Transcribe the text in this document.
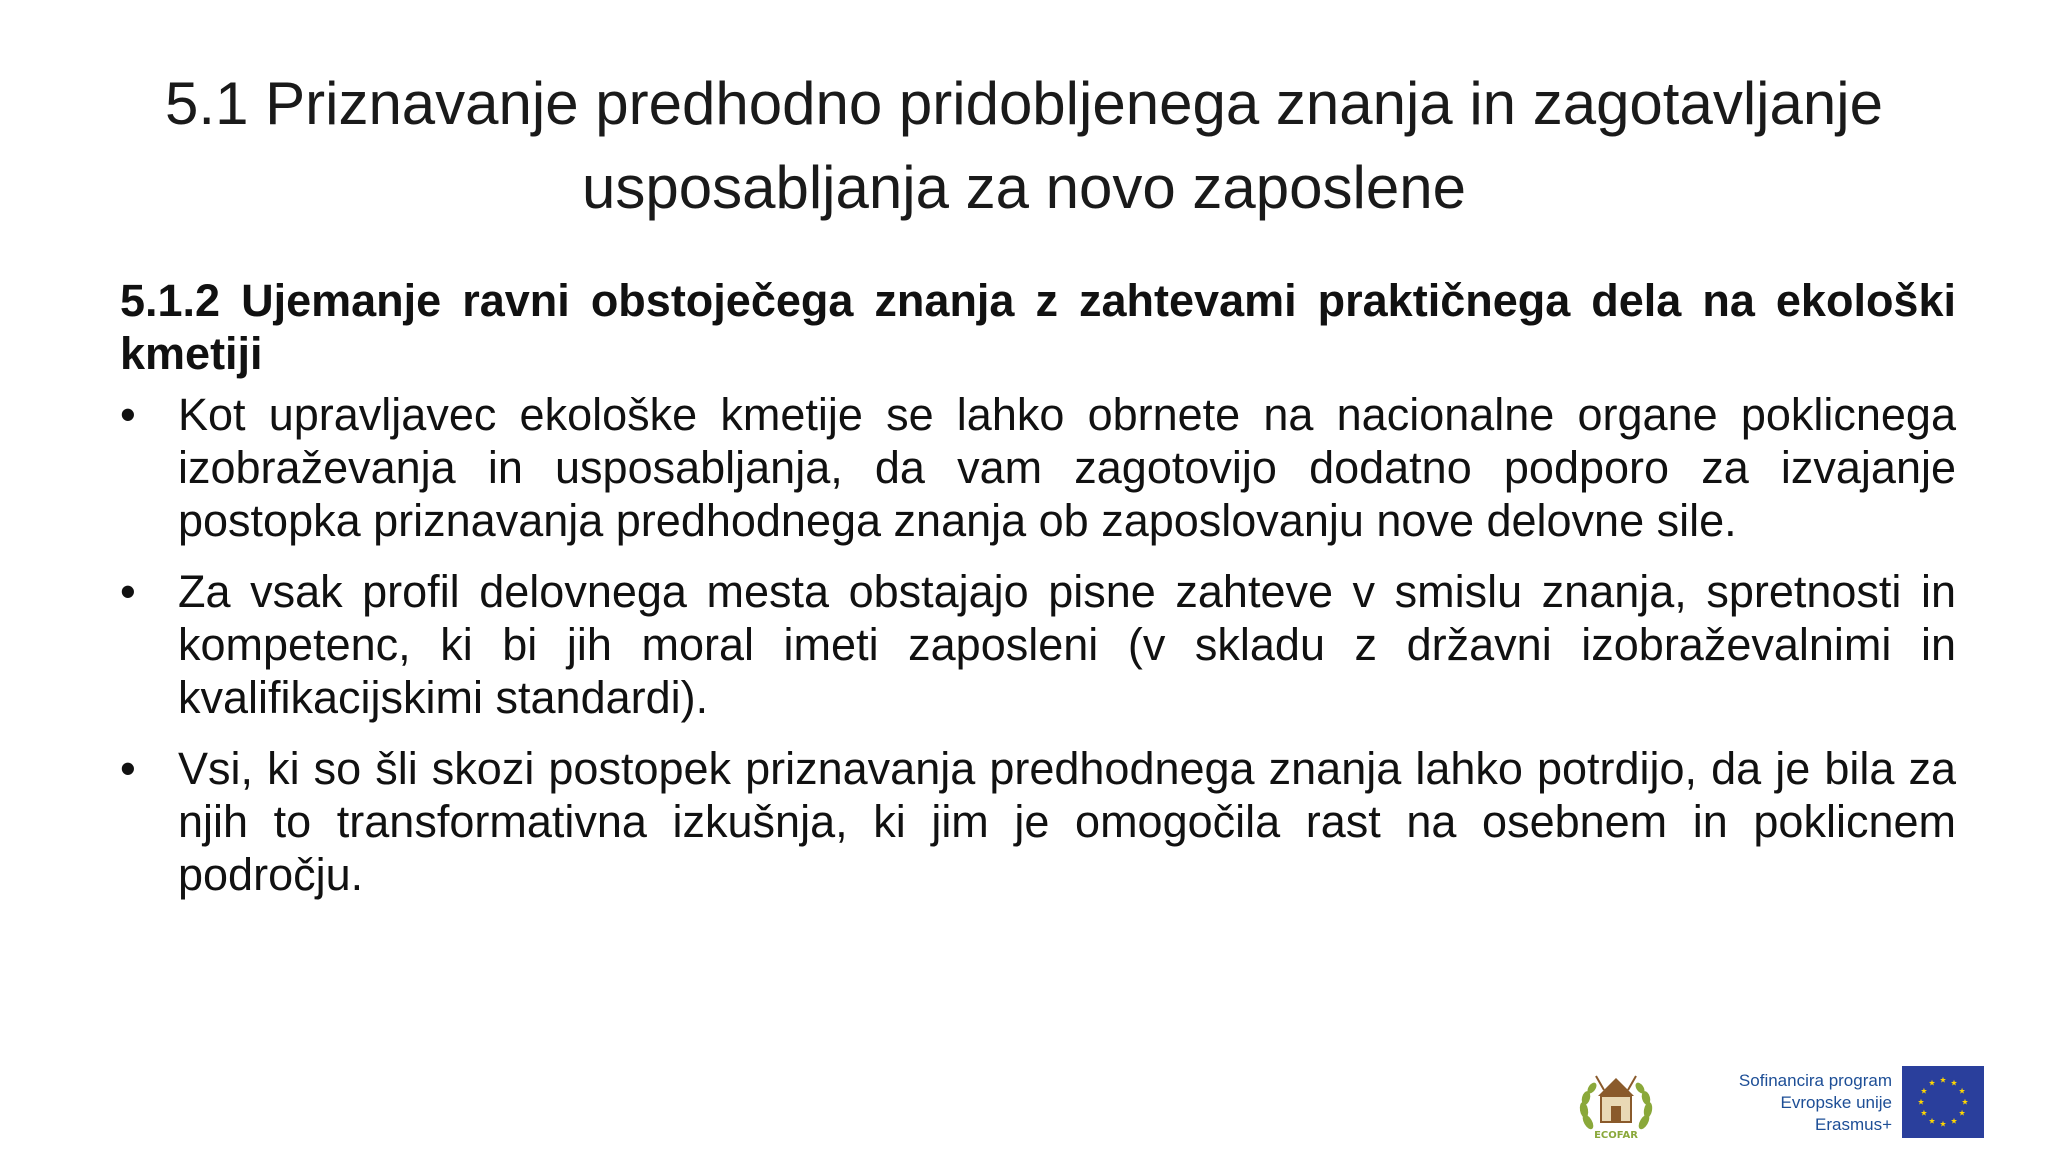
5.1 Priznavanje predhodno pridobljenega znanja in zagotavljanje
usposabljanja za novo zaposlene

5.1.2 Ujemanje ravni obstoječega znanja z zahtevami praktičnega dela na ekološki kmetiji

• Kot upravljavec ekološke kmetije se lahko obrnete na nacionalne organe poklicnega izobraževanja in usposabljanja, da vam zagotovijo dodatno podporo za izvajanje postopka priznavanja predhodnega znanja ob zaposlovanju nove delovne sile.
• Za vsak profil delovnega mesta obstajajo pisne zahteve v smislu znanja, spretnosti in kompetenc, ki bi jih moral imeti zaposleni (v skladu z državni izobraževalnimi in kvalifikacijskimi standardi).
• Vsi, ki so šli skozi postopek priznavanja predhodnega znanja lahko potrdijo, da je bila za njih to transformativna izkušnja, ki jim je omogočila rast na osebnem in poklicnem področju.
ECOFAR
Sofinancira program
Evropske unije
Erasmus+
